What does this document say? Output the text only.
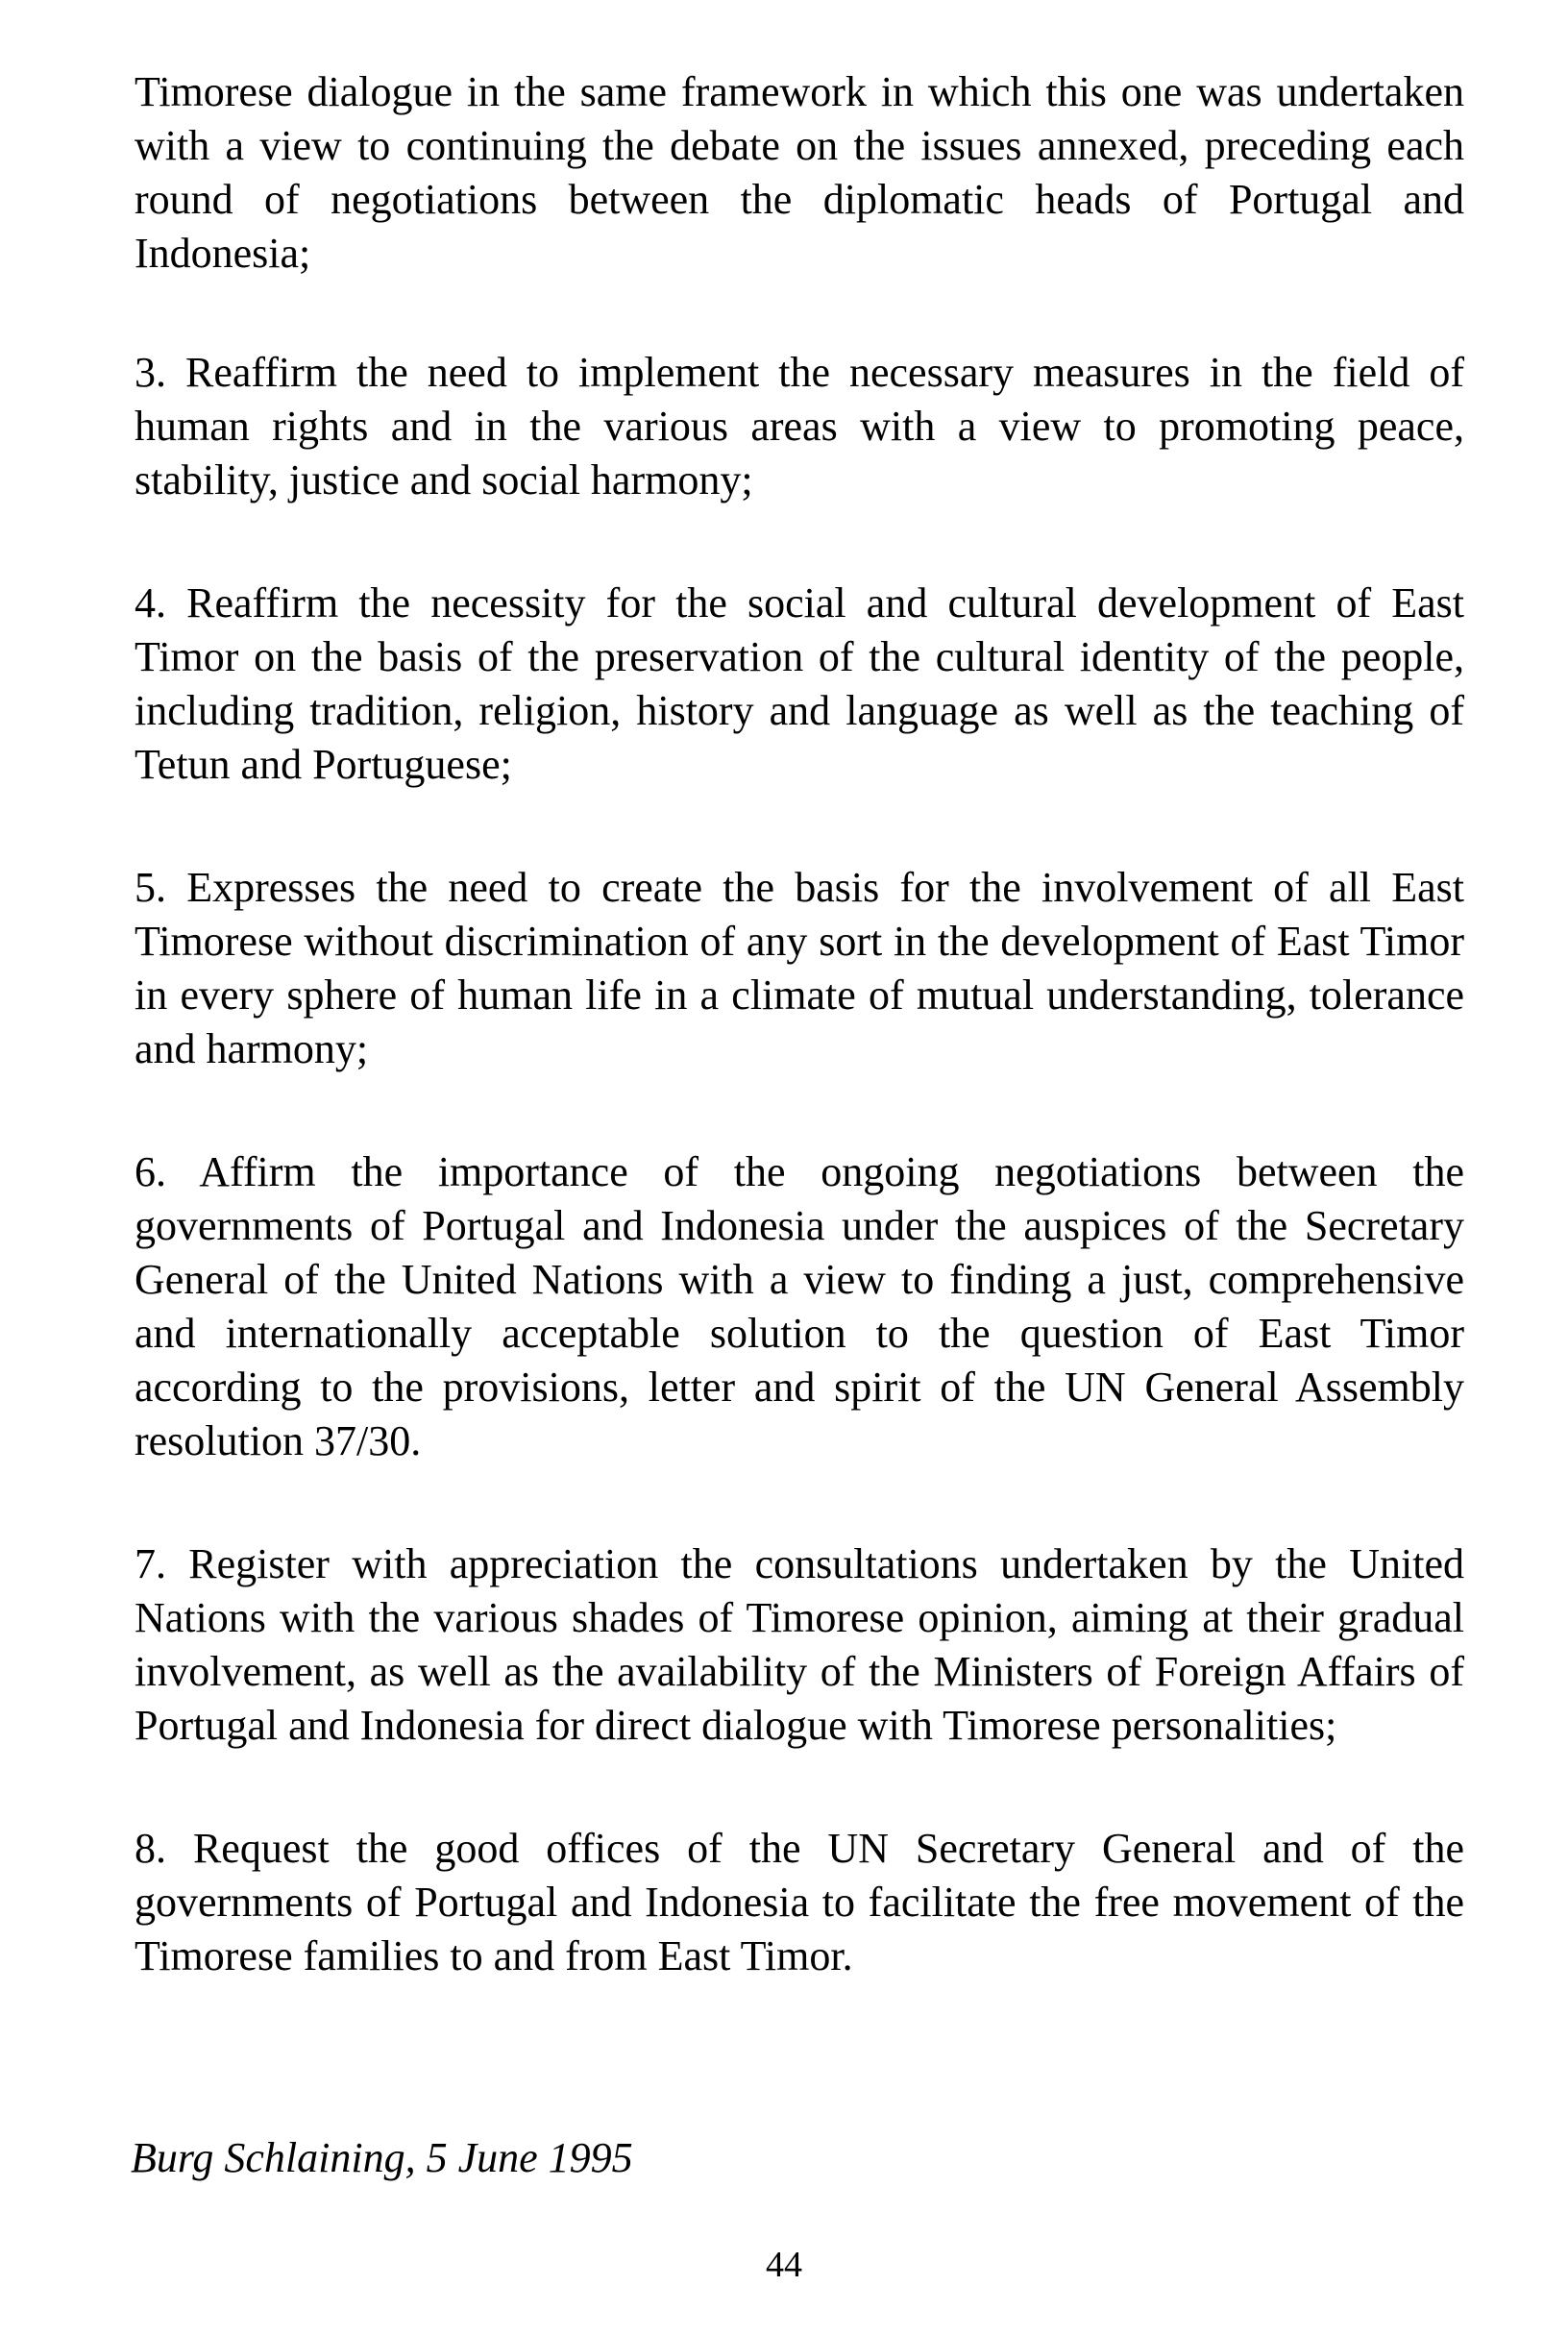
Timorese dialogue in the same framework in which this one was undertaken with a view to continuing the debate on the issues annexed, preceding each round of negotiations between the diplomatic heads of Portugal and Indonesia;

3. Reaffirm the need to implement the necessary measures in the field of human rights and in the various areas with a view to promoting peace, stability, justice and social harmony;

4. Reaffirm the necessity for the social and cultural development of East Timor on the basis of the preservation of the cultural identity of the people, including tradition, religion, history and language as well as the teaching of Tetun and Portuguese;

5. Expresses the need to create the basis for the involvement of all East Timorese without discrimination of any sort in the development of East Timor in every sphere of human life in a climate of mutual understanding, tolerance and harmony;

6. Affirm the importance of the ongoing negotiations between the governments of Portugal and Indonesia under the auspices of the Secretary General of the United Nations with a view to finding a just, comprehensive and internationally acceptable solution to the question of East Timor according to the provisions, letter and spirit of the UN General Assembly resolution 37/30.

7. Register with appreciation the consultations undertaken by the United Nations with the various shades of Timorese opinion, aiming at their gradual involvement, as well as the availability of the Ministers of Foreign Affairs of Portugal and Indonesia for direct dialogue with Timorese personalities;

8. Request the good offices of the UN Secretary General and of the governments of Portugal and Indonesia to facilitate the free movement of the Timorese families to and from East Timor.

Burg Schlaining, 5 June 1995

44
